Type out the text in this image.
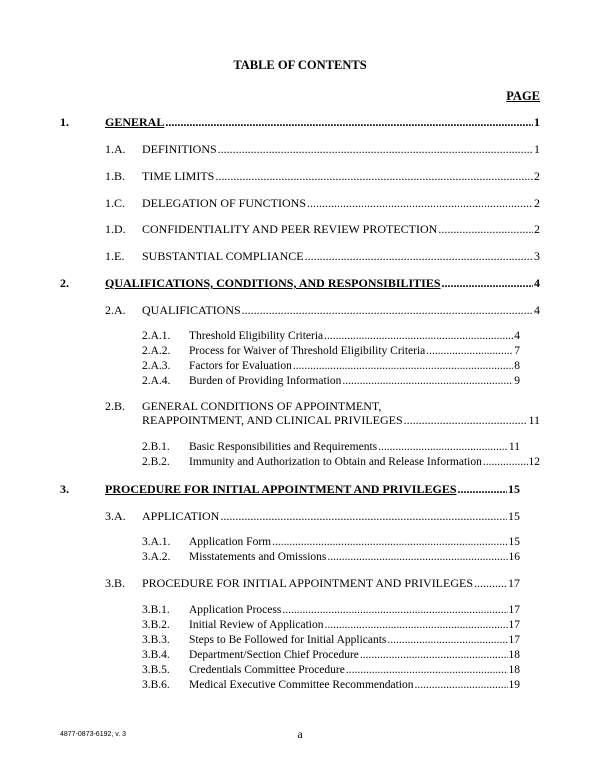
TABLE OF CONTENTS
PAGE
1.	GENERAL .....	1
1.A.	DEFINITIONS .....	1
1.B.	TIME LIMITS .....	2
1.C.	DELEGATION OF FUNCTIONS .....	2
1.D.	CONFIDENTIALITY AND PEER REVIEW PROTECTION .....	2
1.E.	SUBSTANTIAL COMPLIANCE .....	3
2.	QUALIFICATIONS, CONDITIONS, AND RESPONSIBILITIES .....	4
2.A.	QUALIFICATIONS .....	4
2.A.1.	Threshold Eligibility Criteria .....	4
2.A.2.	Process for Waiver of Threshold Eligibility Criteria .....	7
2.A.3.	Factors for Evaluation .....	8
2.A.4.	Burden of Providing Information .....	9
2.B.	GENERAL CONDITIONS OF APPOINTMENT,
REAPPOINTMENT, AND CLINICAL PRIVILEGES .....	11
2.B.1.	Basic Responsibilities and Requirements .....	11
2.B.2.	Immunity and Authorization to Obtain and Release Information .....	12
3.	PROCEDURE FOR INITIAL APPOINTMENT AND PRIVILEGES .....	15
3.A.	APPLICATION .....	15
3.A.1.	Application Form .....	15
3.A.2.	Misstatements and Omissions .....	16
3.B.	PROCEDURE FOR INITIAL APPOINTMENT AND PRIVILEGES .....	17
3.B.1.	Application Process .....	17
3.B.2.	Initial Review of Application .....	17
3.B.3.	Steps to Be Followed for Initial Applicants .....	17
3.B.4.	Department/Section Chief Procedure .....	18
3.B.5.	Credentials Committee Procedure .....	18
3.B.6.	Medical Executive Committee Recommendation .....	19
4877-0873-6192, v. 3	a
